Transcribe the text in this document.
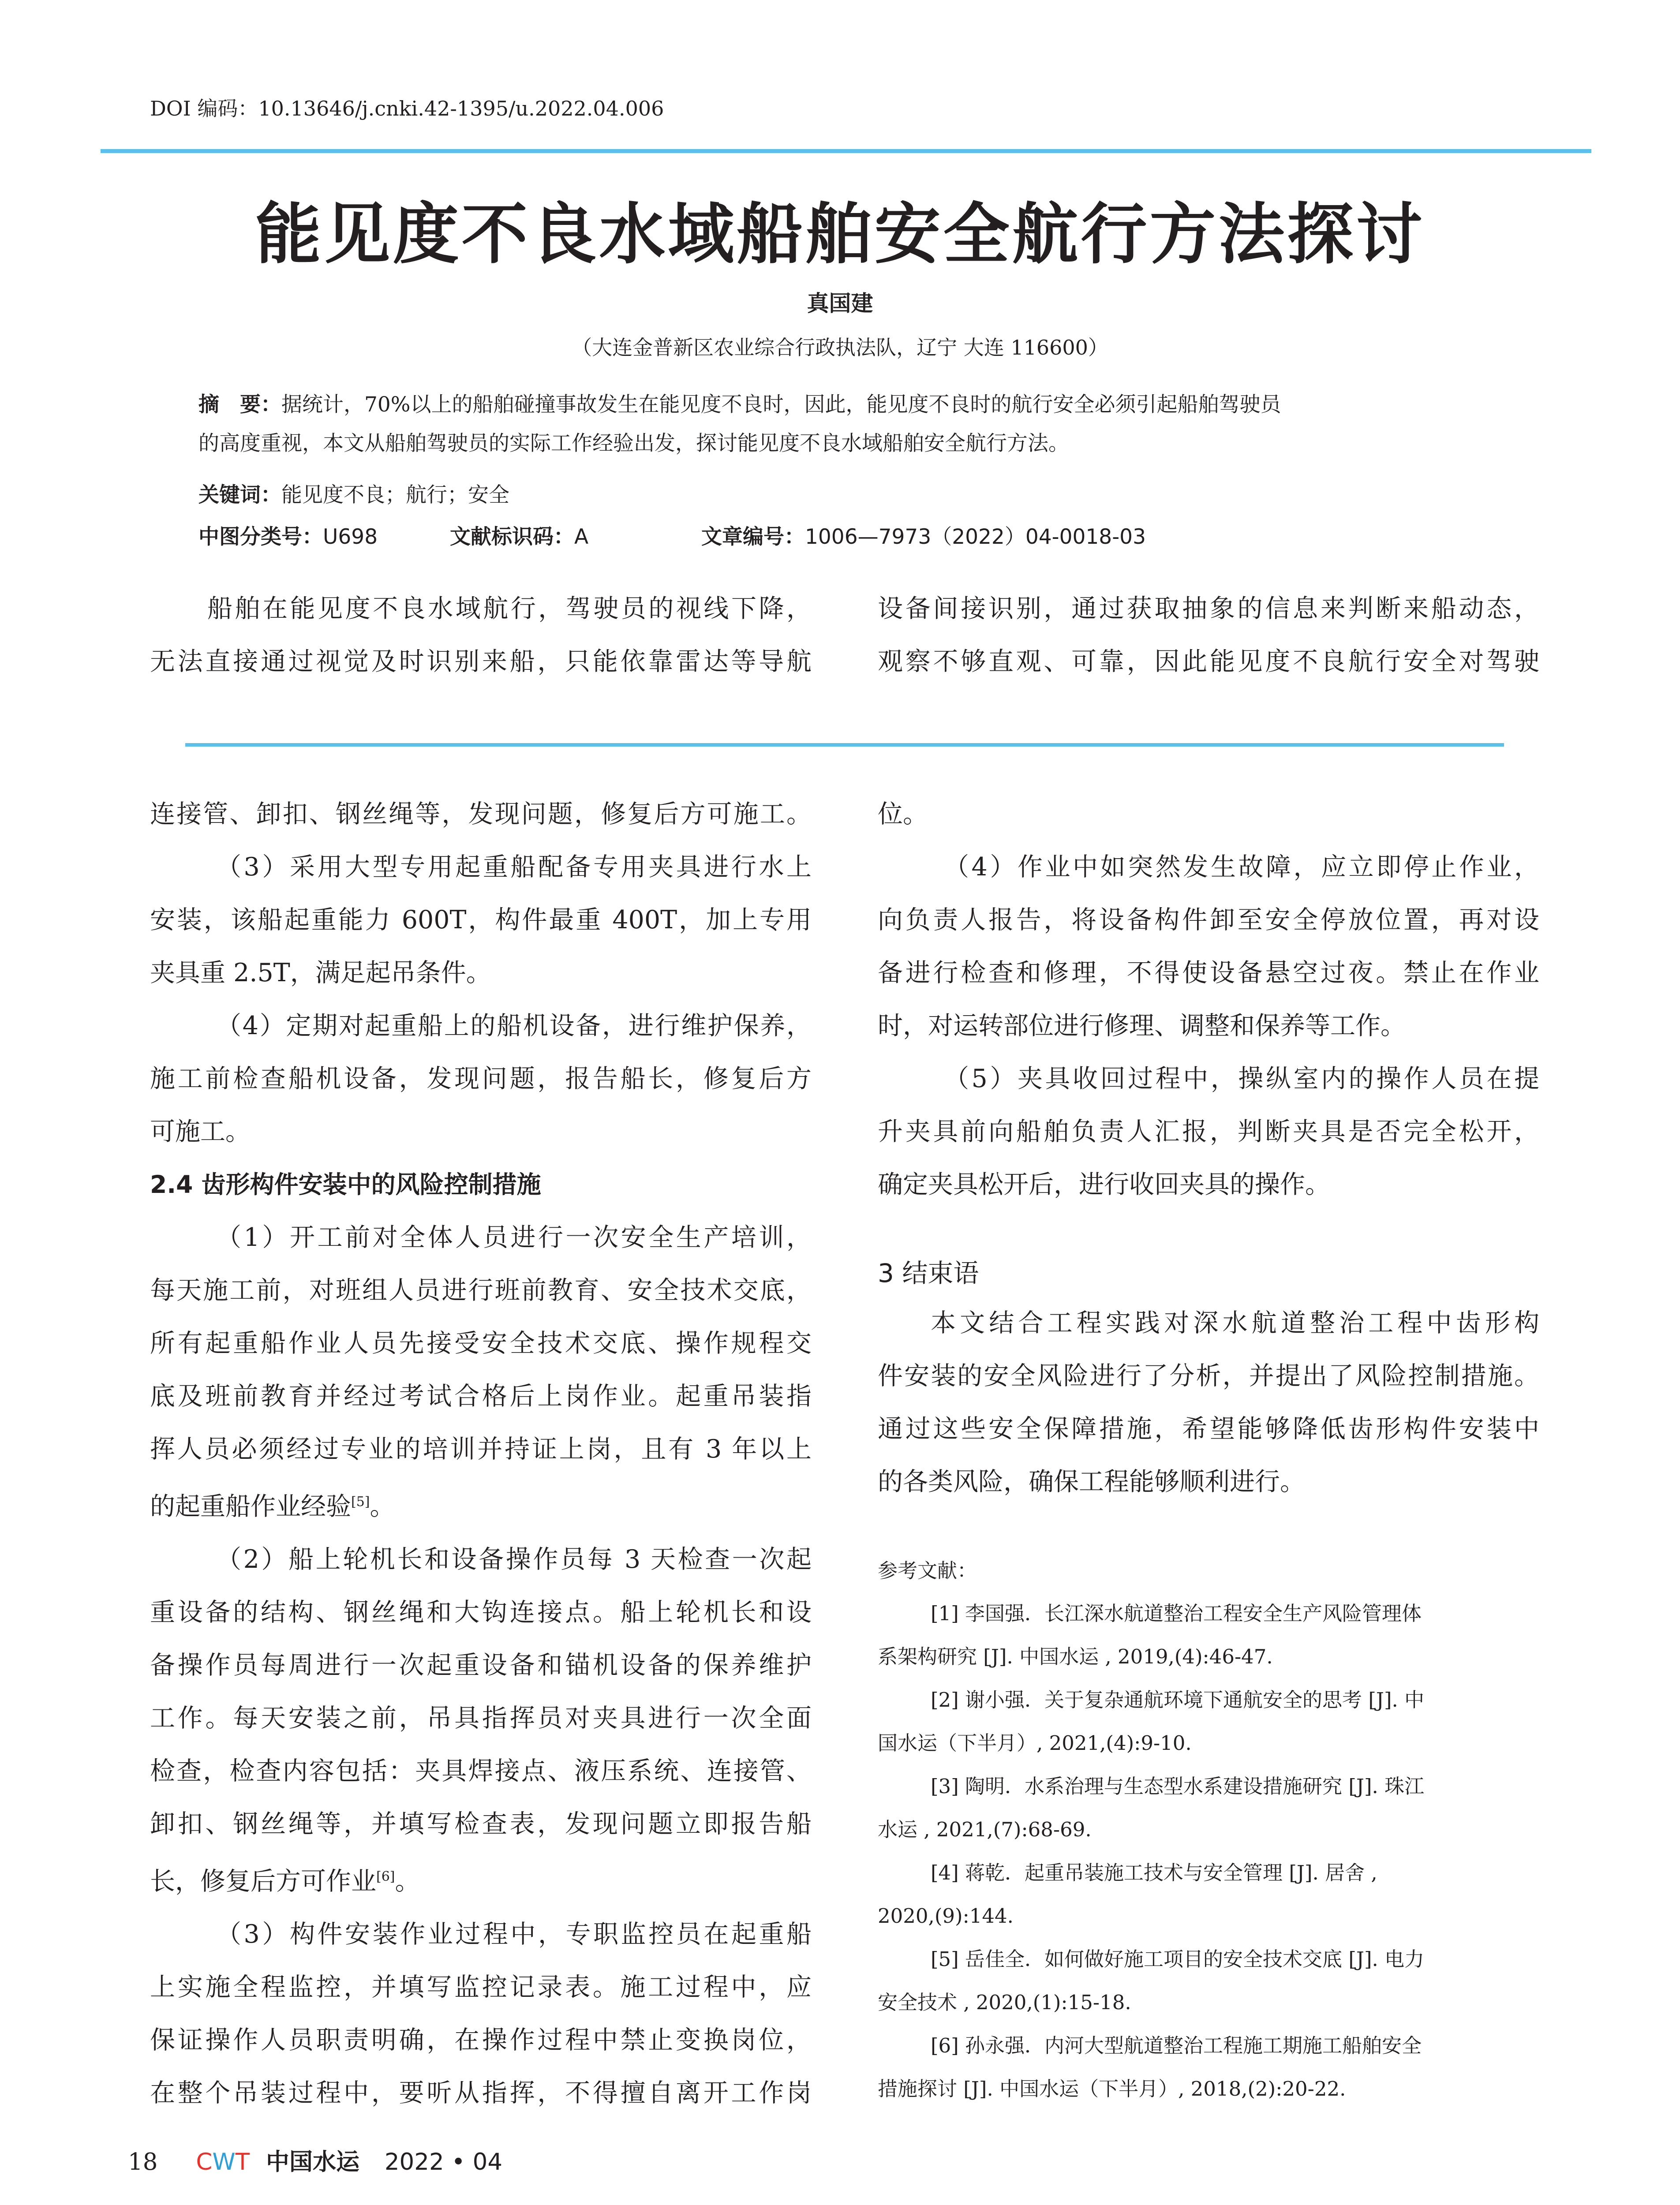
DOI 编码：10.13646/j.cnki.42-1395/u.2022.04.006
能见度不良水域船舶安全航行方法探讨
真国建
（大连金普新区农业综合行政执法队，辽宁 大连 116600）
摘　要：据统计，70%以上的船舶碰撞事故发生在能见度不良时，因此，能见度不良时的航行安全必须引起船舶驾驶员
的高度重视，本文从船舶驾驶员的实际工作经验出发，探讨能见度不良水域船舶安全航行方法。
关键词：能见度不良；航行；安全
中图分类号：U698	文献标识码：A	文章编号：1006—7973（2022）04-0018-03

船舶在能见度不良水域航行，驾驶员的视线下降，

无法直接通过视觉及时识别来船，只能依靠雷达等导航

设备间接识别，通过获取抽象的信息来判断来船动态，

观察不够直观、可靠，因此能见度不良航行安全对驾驶

连接管、卸扣、钢丝绳等，发现问题，修复后方可施工。

（3）采用大型专用起重船配备专用夹具进行水上

安装，该船起重能力 600T，构件最重 400T，加上专用

夹具重 2.5T，满足起吊条件。

（4）定期对起重船上的船机设备，进行维护保养，

施工前检查船机设备，发现问题，报告船长，修复后方

可施工。

2.4 齿形构件安装中的风险控制措施

（1）开工前对全体人员进行一次安全生产培训，

每天施工前，对班组人员进行班前教育、安全技术交底，

所有起重船作业人员先接受安全技术交底、操作规程交

底及班前教育并经过考试合格后上岗作业。起重吊装指

挥人员必须经过专业的培训并持证上岗，且有 3 年以上

的起重船作业经验[5]。

（2）船上轮机长和设备操作员每 3 天检查一次起

重设备的结构、钢丝绳和大钩连接点。船上轮机长和设

备操作员每周进行一次起重设备和锚机设备的保养维护

工作。每天安装之前，吊具指挥员对夹具进行一次全面

检查，检查内容包括：夹具焊接点、液压系统、连接管、

卸扣、钢丝绳等，并填写检查表，发现问题立即报告船

长，修复后方可作业[6]。

（3）构件安装作业过程中，专职监控员在起重船

上实施全程监控，并填写监控记录表。施工过程中，应

保证操作人员职责明确，在操作过程中禁止变换岗位，

在整个吊装过程中，要听从指挥，不得擅自离开工作岗

位。

（4）作业中如突然发生故障，应立即停止作业，

向负责人报告，将设备构件卸至安全停放位置，再对设

备进行检查和修理，不得使设备悬空过夜。禁止在作业

时，对运转部位进行修理、调整和保养等工作。

（5）夹具收回过程中，操纵室内的操作人员在提

升夹具前向船舶负责人汇报，判断夹具是否完全松开，

确定夹具松开后，进行收回夹具的操作。

3 结束语

本文结合工程实践对深水航道整治工程中齿形构

件安装的安全风险进行了分析，并提出了风险控制措施。

通过这些安全保障措施，希望能够降低齿形构件安装中

的各类风险，确保工程能够顺利进行。

参考文献：

[1] 李国强．长江深水航道整治工程安全生产风险管理体

系架构研究 [J]. 中国水运 , 2019,(4):46-47.

[2] 谢小强．关于复杂通航环境下通航安全的思考 [J]. 中

国水运（下半月）, 2021,(4):9-10.

[3] 陶明．水系治理与生态型水系建设措施研究 [J]. 珠江

水运 , 2021,(7):68-69.

[4] 蒋乾．起重吊装施工技术与安全管理 [J]. 居舍 ,

2020,(9):144.

[5] 岳佳全．如何做好施工项目的安全技术交底 [J]. 电力

安全技术 , 2020,(1):15-18.

[6] 孙永强．内河大型航道整治工程施工期施工船舶安全

措施探讨 [J]. 中国水运（下半月）, 2018,(2):20-22.

18 CWT 中国水运 2022 • 04
